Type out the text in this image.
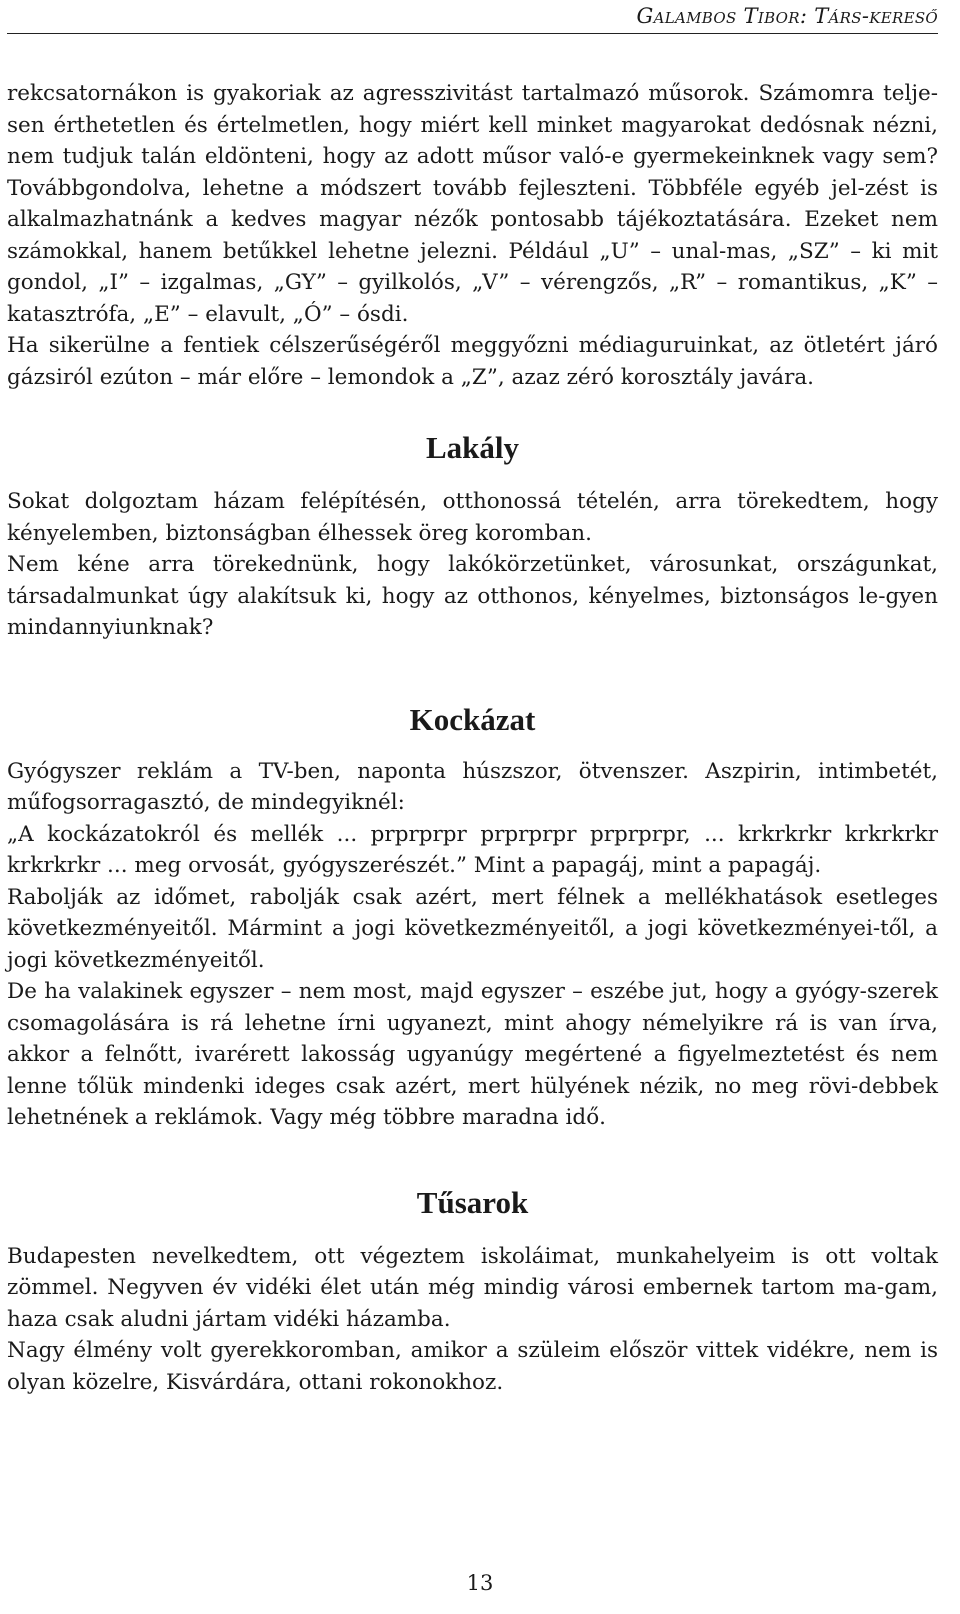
Galambos Tibor: Társ-kereső

rekcsatornákon is gyakoriak az agresszivitást tartalmazó műsorok. Számomra telje-sen érthetetlen és értelmetlen, hogy miért kell minket magyarokat dedósnak nézni, nem tudjuk talán eldönteni, hogy az adott műsor való-e gyermekeinknek vagy sem? Továbbgondolva, lehetne a módszert tovább fejleszteni. Többféle egyéb jel-zést is alkalmazhatnánk a kedves magyar nézők pontosabb tájékoztatására. Ezeket nem számokkal, hanem betűkkel lehetne jelezni. Például „U” – unal-mas, „SZ” – ki mit gondol, „I” – izgalmas, „GY” – gyilkolós, „V” – vérengzős, „R” – romantikus, „K” – katasztrófa, „E” – elavult, „Ó” – ósdi.

Ha sikerülne a fentiek célszerűségéről meggyőzni médiaguruinkat, az ötletért járó gázsiról ezúton – már előre – lemondok a „Z”, azaz zéró korosztály javára.

Lakály

Sokat dolgoztam házam felépítésén, otthonossá tételén, arra törekedtem, hogy kényelemben, biztonságban élhessek öreg koromban.

Nem kéne arra törekednünk, hogy lakókörzetünket, városunkat, országunkat, társadalmunkat úgy alakítsuk ki, hogy az otthonos, kényelmes, biztonságos le-gyen mindannyiunknak?

Kockázat

Gyógyszer reklám a TV-ben, naponta húszszor, ötvenszer. Aszpirin, intimbetét, műfogsorragasztó, de mindegyiknél:

„A kockázatokról és mellék ... prprprpr prprprpr prprprpr, ... krkrkrkr krkrkrkr krkrkrkr ... meg orvosát, gyógyszerészét.” Mint a papagáj, mint a papagáj.

Rabolják az időmet, rabolják csak azért, mert félnek a mellékhatások esetleges következményeitől. Mármint a jogi következményeitől, a jogi következményei-től, a jogi következményeitől.

De ha valakinek egyszer – nem most, majd egyszer – eszébe jut, hogy a gyógy-szerek csomagolására is rá lehetne írni ugyanezt, mint ahogy némelyikre rá is van írva, akkor a felnőtt, ivarérett lakosság ugyanúgy megértené a figyelmeztetést és nem lenne tőlük mindenki ideges csak azért, mert hülyének nézik, no meg rövi-debbek lehetnének a reklámok. Vagy még többre maradna idő.

Tűsarok

Budapesten nevelkedtem, ott végeztem iskoláimat, munkahelyeim is ott voltak zömmel. Negyven év vidéki élet után még mindig városi embernek tartom ma-gam, haza csak aludni jártam vidéki házamba.

Nagy élmény volt gyerekkoromban, amikor a szüleim először vittek vidékre, nem is olyan közelre, Kisvárdára, ottani rokonokhoz.

13
